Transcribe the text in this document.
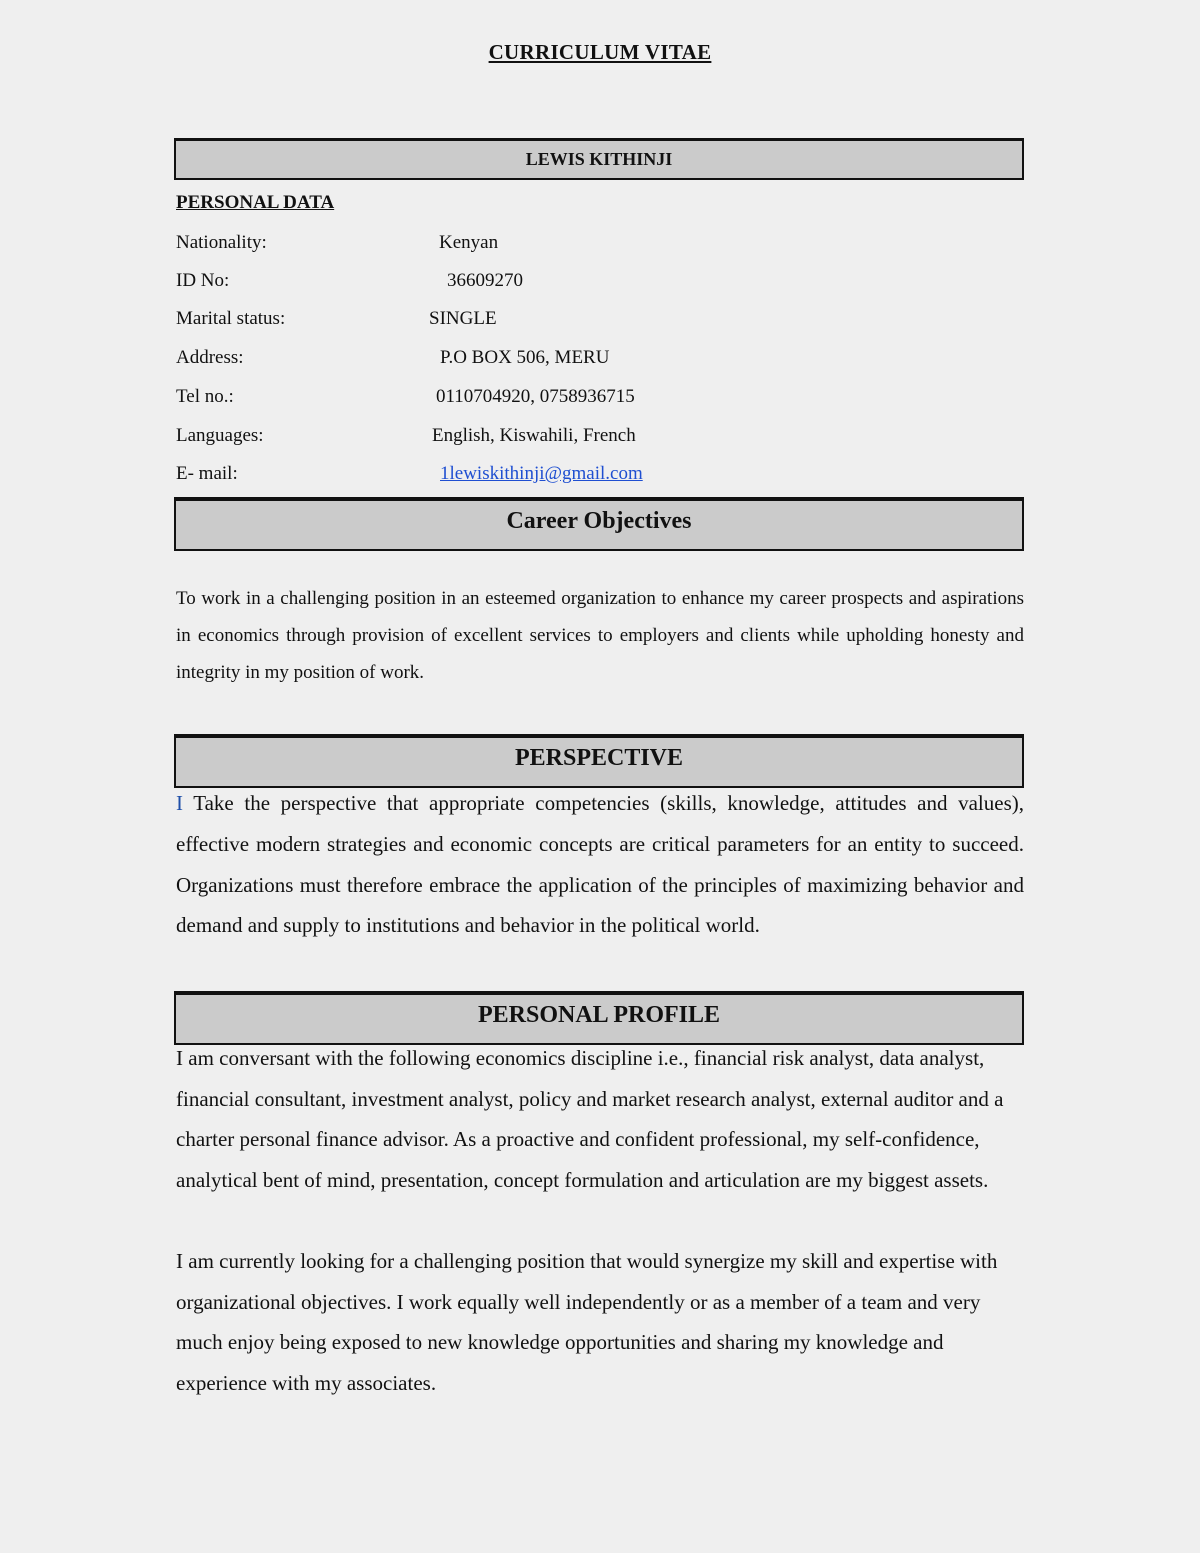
CURRICULUM VITAE
LEWIS KITHINJI
PERSONAL DATA
Nationality:	Kenyan
ID No:	36609270
Marital status:	SINGLE
Address:	P.O BOX 506, MERU
Tel no.:	0110704920, 0758936715
Languages:	English, Kiswahili, French
E- mail:	1lewiskithinji@gmail.com
Career Objectives

To work in a challenging position in an esteemed organization to enhance my career prospects and aspirations in economics through provision of excellent services to employers and clients while upholding honesty and integrity in my position of work.

PERSPECTIVE

I Take the perspective that appropriate competencies (skills, knowledge, attitudes and values), effective modern strategies and economic concepts are critical parameters for an entity to succeed. Organizations must therefore embrace the application of the principles of maximizing behavior and demand and supply to institutions and behavior in the political world.

PERSONAL PROFILE

I am conversant with the following economics discipline i.e., financial risk analyst, data analyst, financial consultant, investment analyst, policy and market research analyst, external auditor and a charter personal finance advisor. As a proactive and confident professional, my self-confidence, analytical bent of mind, presentation, concept formulation and articulation are my biggest assets.

I am currently looking for a challenging position that would synergize my skill and expertise with organizational objectives. I work equally well independently or as a member of a team and very much enjoy being exposed to new knowledge opportunities and sharing my knowledge and experience with my associates.
